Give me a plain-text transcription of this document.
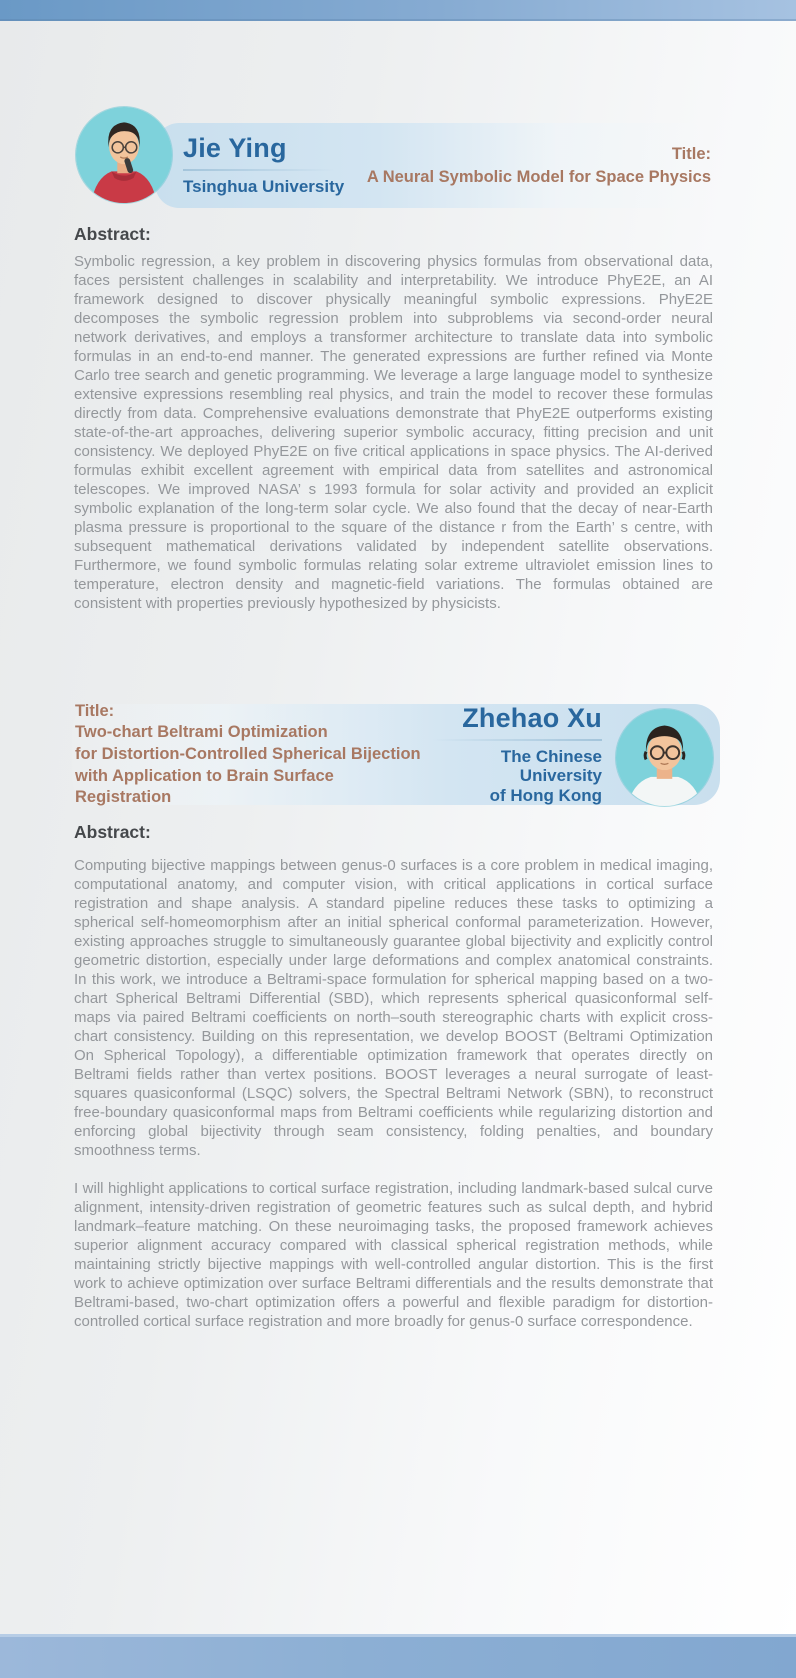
Jie Ying
Tsinghua University
Title:
A Neural Symbolic Model for Space Physics
Abstract:

Symbolic regression, a key problem in discovering physics formulas from observational data, faces persistent challenges in scalability and interpretability. We introduce PhyE2E, an AI framework designed to discover physically meaningful symbolic expressions. PhyE2E decomposes the symbolic regression problem into subproblems via second-order neural network derivatives, and employs a transformer architecture to translate data into symbolic formulas in an end-to-end manner. The generated expressions are further refined via Monte Carlo tree search and genetic programming. We leverage a large language model to synthesize extensive expressions resembling real physics, and train the model to recover these formulas directly from data. Comprehensive evaluations demonstrate that PhyE2E outperforms existing state-of-the-art approaches, delivering superior symbolic accuracy, fitting precision and unit consistency. We deployed PhyE2E on five critical applications in space physics. The AI-derived formulas exhibit excellent agreement with empirical data from satellites and astronomical telescopes. We improved NASA’ s 1993 formula for solar activity and provided an explicit symbolic explanation of the long-term solar cycle. We also found that the decay of near-Earth plasma pressure is proportional to the square of the distance r from the Earth’ s centre, with subsequent mathematical derivations validated by independent satellite observations. Furthermore, we found symbolic formulas relating solar extreme ultraviolet emission lines to temperature, electron density and magnetic-field variations. The formulas obtained are consistent with properties previously hypothesized by physicists.

Title:
Two-chart Beltrami Optimization
for Distortion-Controlled Spherical Bijection
with Application to Brain Surface Registration
Zhehao Xu
The Chinese University
of Hong Kong
Abstract:

Computing bijective mappings between genus-0 surfaces is a core problem in medical imaging, computational anatomy, and computer vision, with critical applications in cortical surface registration and shape analysis. A standard pipeline reduces these tasks to optimizing a spherical self-homeomorphism after an initial spherical conformal parameterization. However, existing approaches struggle to simultaneously guarantee global bijectivity and explicitly control geometric distortion, especially under large deformations and complex anatomical constraints. In this work, we introduce a Beltrami-space formulation for spherical mapping based on a two-chart Spherical Beltrami Differential (SBD), which represents spherical quasiconformal self-maps via paired Beltrami coefficients on north–south stereographic charts with explicit cross-chart consistency. Building on this representation, we develop BOOST (Beltrami Optimization On Spherical Topology), a differentiable optimization framework that operates directly on Beltrami fields rather than vertex positions. BOOST leverages a neural surrogate of least-squares quasiconformal (LSQC) solvers, the Spectral Beltrami Network (SBN), to reconstruct free-boundary quasiconformal maps from Beltrami coefficients while regularizing distortion and enforcing global bijectivity through seam consistency, folding penalties, and boundary smoothness terms.

I will highlight applications to cortical surface registration, including landmark-based sulcal curve alignment, intensity-driven registration of geometric features such as sulcal depth, and hybrid landmark–feature matching. On these neuroimaging tasks, the proposed framework achieves superior alignment accuracy compared with classical spherical registration methods, while maintaining strictly bijective mappings with well-controlled angular distortion. This is the first work to achieve optimization over surface Beltrami differentials and the results demonstrate that Beltrami-based, two-chart optimization offers a powerful and flexible paradigm for distortion-controlled cortical surface registration and more broadly for genus-0 surface correspondence.
